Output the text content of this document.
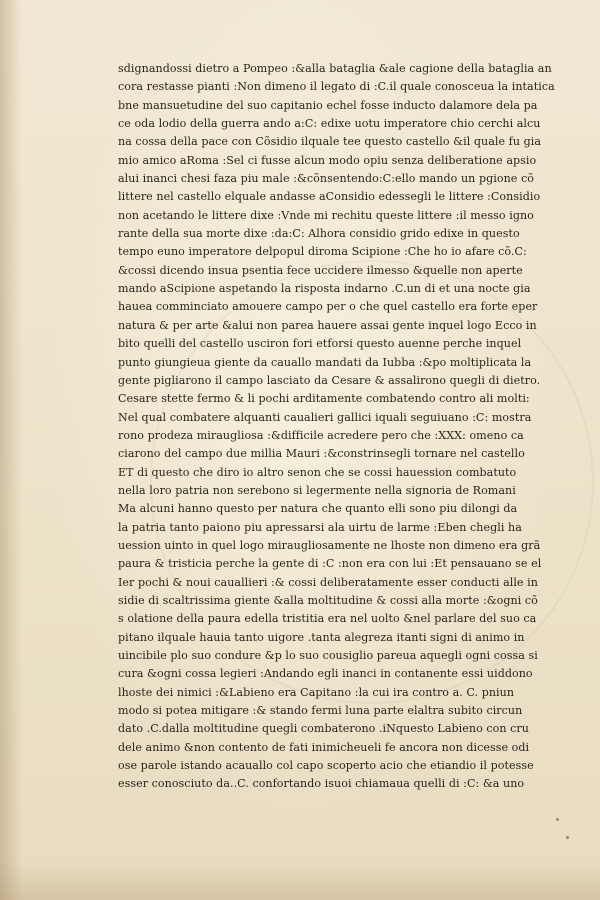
sdignandossi dietro a Pompeo :&alla bataglia &ale cagione della bataglia an
cora restasse pianti :Non dimeno il legato di :C.il quale conosceua la intatica
bne mansuetudine del suo capitanio echel fosse inducto dalamore dela pa
ce oda lodio della guerra ando a:C: edixe uotu imperatore chio cerchi alcu
na cossa della pace con Cõsidio ilquale tee questo castello &il quale fu gia
mio amico aRoma :Sel ci fusse alcun modo opiu senza deliberatione apsio
alui inanci chesi faza piu male :&cõnsentendo:C:ello mando un pgione cõ
littere nel castello elquale andasse aConsidio edessegli le littere :Considio
non acetando le littere dixe :Vnde mi rechitu queste littere :il messo igno
rante della sua morte dixe :da:C: Alhora considio grido edixe in questo
tempo euno imperatore delpopul diroma Scipione :Che ho io afare cõ.C:
&cossi dicendo insua psentia fece uccidere ilmesso &quelle non aperte
mando aScipione aspetando la risposta indarno .C.un di et una nocte gia
hauea comminciato amouere campo per o che quel castello era forte eper
natura & per arte &alui non parea hauere assai gente inquel logo Ecco in
bito quelli del castello usciron fori etforsi questo auenne perche inquel
punto giungieua giente da cauallo mandati da Iubba :&po moltiplicata la
gente pigliarono il campo lasciato da Cesare & assalirono quegli di dietro.
Cesare stette fermo & li pochi arditamente combatendo contro ali molti:
Nel qual combatere alquanti caualieri gallici iquali seguiuano :C: mostra
rono prodeza miraugliosa :&difficile acredere pero che :XXX: omeno ca
ciarono del campo due millia Mauri :&constrinsegli tornare nel castello
ET di questo che diro io altro senon che se cossi hauession combatuto
nella loro patria non serebono si legermente nella signoria de Romani
Ma alcuni hanno questo per natura che quanto elli sono piu dilongi da
la patria tanto paiono piu apressarsi ala uirtu de larme :Eben chegli ha
uession uinto in quel logo miraugliosamente ne lhoste non dimeno era grã
paura & tristicia perche la gente di :C :non era con lui :Et pensauano se el
Ier pochi & noui cauallieri :& cossi deliberatamente esser conducti alle in
sidie di scaltrissima giente &alla moltitudine & cossi alla morte :&ogni cõ
s olatione della paura edella tristitia era nel uolto &nel parlare del suo ca
pitano ilquale hauia tanto uigore .tanta alegreza itanti signi di animo in
uincibile plo suo condure &p lo suo cousiglio pareua aquegli ogni cossa si
cura &ogni cossa legieri :Andando egli inanci in contanente essi uiddono
lhoste dei nimici :&Labieno era Capitano :la cui ira contro a. C. pniun
modo si potea mitigare :& stando fermi luna parte elaltra subito circun
dato .C.dalla moltitudine quegli combaterono .iNquesto Labieno con cru
dele animo &non contento de fati inimicheueli fe ancora non dicesse odi
ose parole istando acauallo col capo scoperto acio che etiandio il potesse
esser conosciuto da..C. confortando isuoi chiamaua quelli di :C: &a uno
